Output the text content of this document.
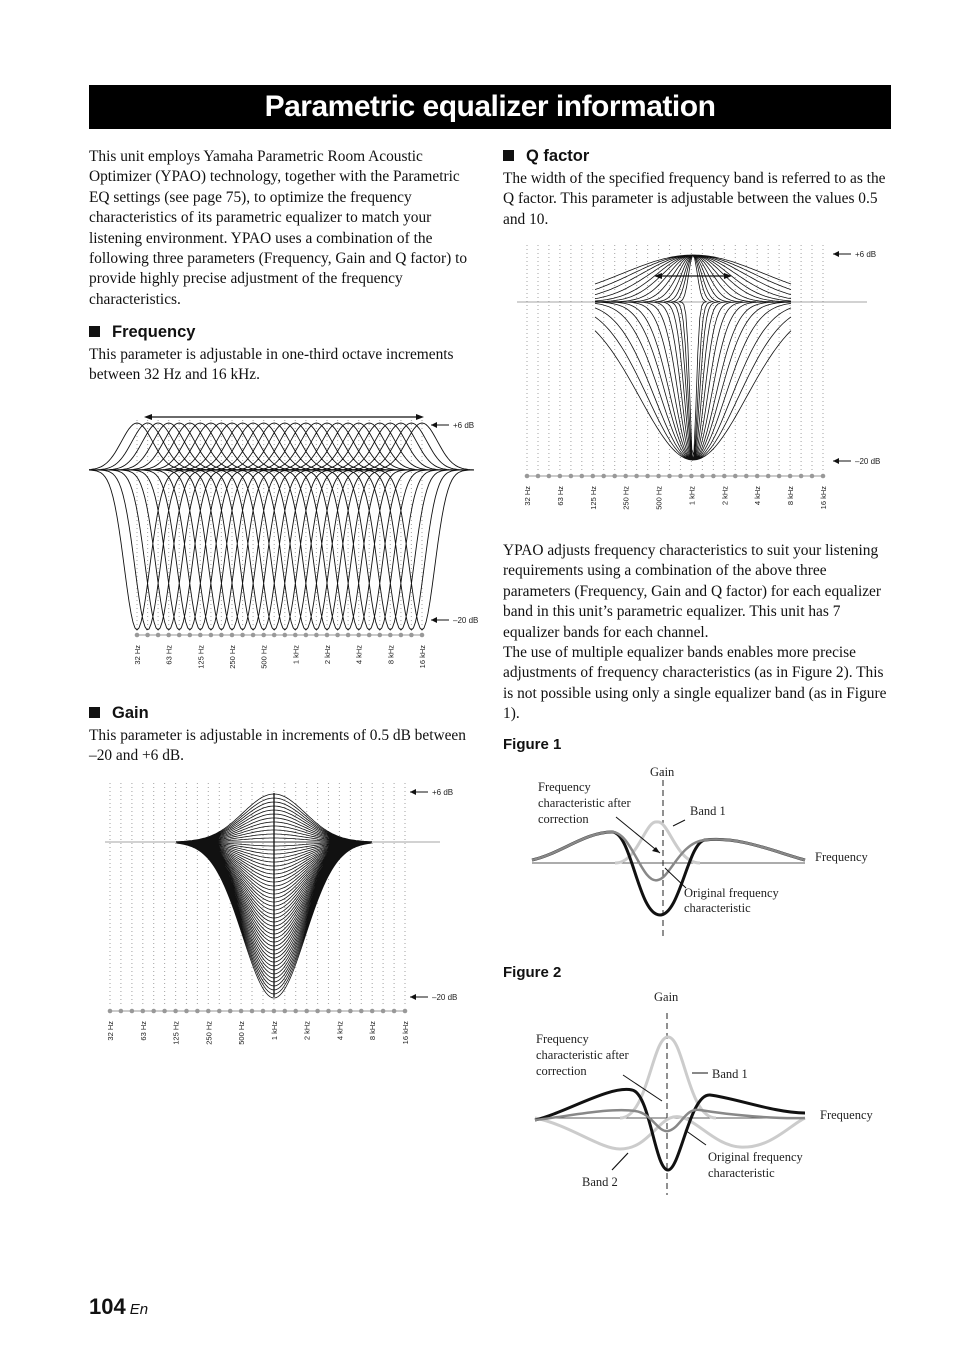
Parametric equalizer information

This unit employs Yamaha Parametric Room Acoustic Optimizer (YPAO) technology, together with the Parametric EQ settings (see page 75), to optimize the frequency characteristics of its parametric equalizer to match your listening environment. YPAO uses a combination of the following three parameters (Frequency, Gain and Q factor) to provide highly precise adjustment of the frequency characteristics.

Frequency

This parameter is adjustable in one-third octave increments between 32 Hz and 16 kHz.

+6 dB
–20 dB
32 Hz	63 Hz	125 Hz	250 Hz	500 Hz	1 kHz	2 kHz	4 kHz	8 kHz	16 kHz
Gain

This parameter is adjustable in increments of 0.5 dB between –20 and +6 dB.

+6 dB
–20 dB
32 Hz	63 Hz	125 Hz	250 Hz	500 Hz	1 kHz	2 kHz	4 kHz	8 kHz	16 kHz
Q factor

The width of the specified frequency band is referred to as the Q factor. This parameter is adjustable between the values 0.5 and 10.

+6 dB
–20 dB
32 Hz	63 Hz	125 Hz	250 Hz	500 Hz	1 kHz	2 kHz	4 kHz	8 kHz	16 kHz

YPAO adjusts frequency characteristics to suit your listening requirements using a combination of the above three parameters (Frequency, Gain and Q factor) for each equalizer band in this unit’s parametric equalizer. This unit has 7 equalizer bands for each channel.

The use of multiple equalizer bands enables more precise adjustments of frequency characteristics (as in Figure 2). This is not possible using only a single equalizer band (as in Figure 1).

Figure 1
Gain
Frequency
characteristic after
correction
Band 1
Frequency
Original frequency
characteristic
Figure 2
Gain
Frequency
characteristic after
correction	Band 1
Frequency
Original frequency
characteristic
Band 2
104 En
